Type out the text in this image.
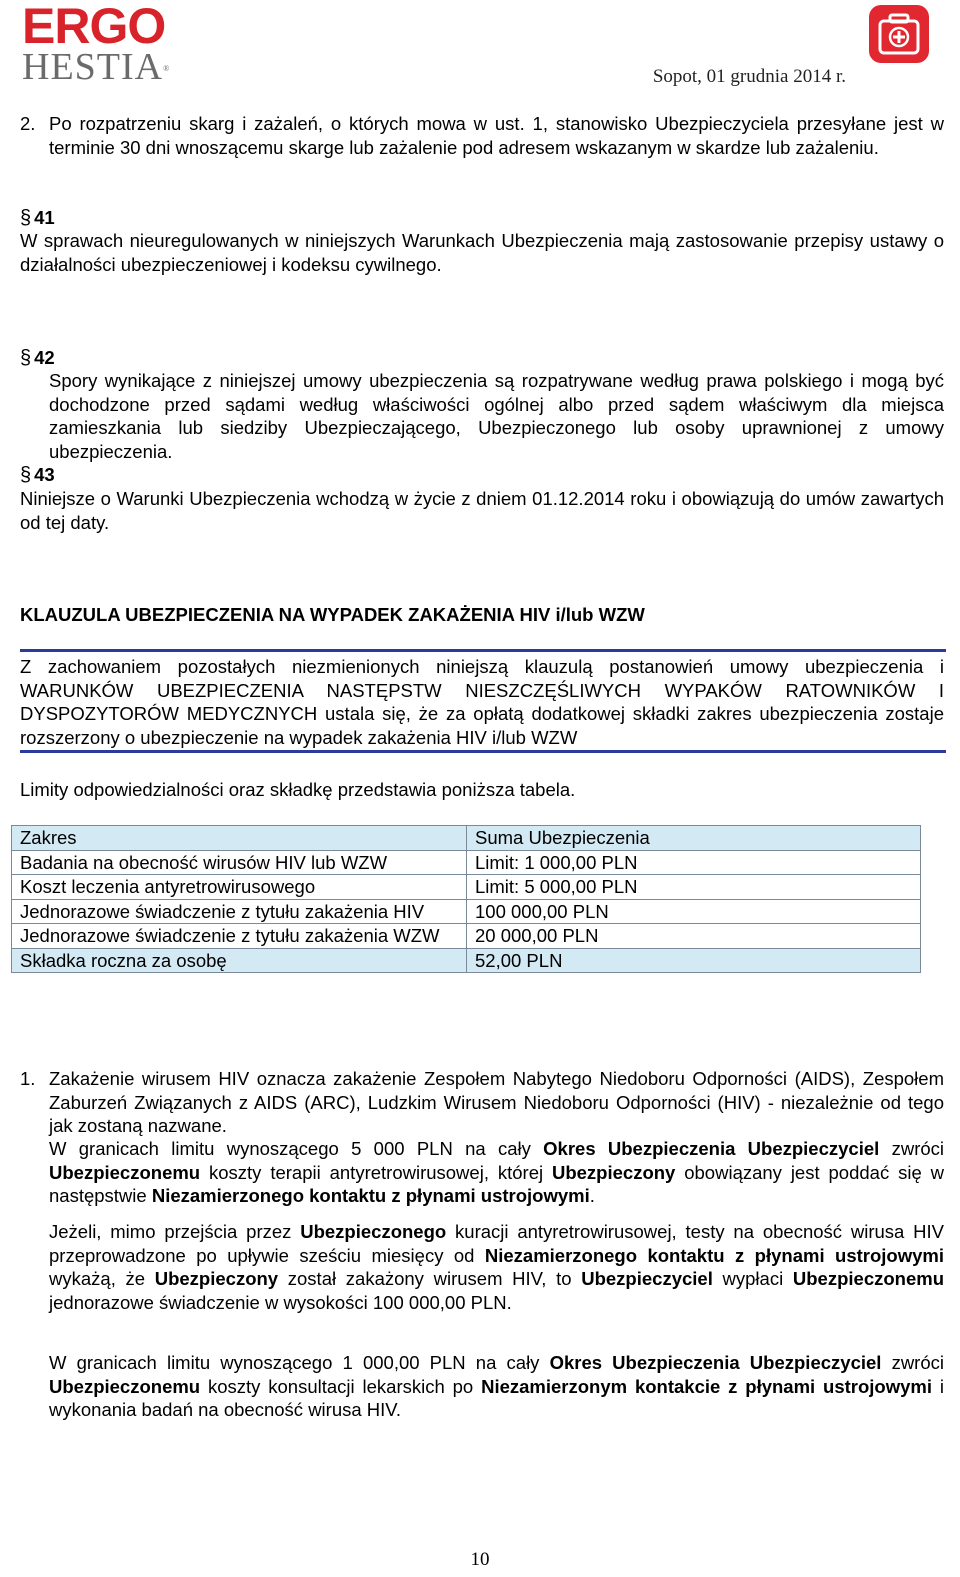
ERGO
HESTIA®	Sopot, 01 grudnia 2014 r.
2. Po rozpatrzeniu skarg i zażaleń, o których mowa w ust. 1, stanowisko Ubezpieczyciela przesyłane jest w terminie 30 dni wnoszącemu skarge lub zażalenie pod adresem wskazanym w skardze lub zażaleniu.
§ 41
W sprawach nieuregulowanych w niniejszych Warunkach Ubezpieczenia mają zastosowanie przepisy ustawy o działalności ubezpieczeniowej i kodeksu cywilnego.
§ 42
Spory wynikające z niniejszej umowy ubezpieczenia są rozpatrywane według prawa polskiego i mogą być dochodzone przed sądami według właściwości ogólnej albo przed sądem właściwym dla miejsca zamieszkania lub siedziby Ubezpieczającego, Ubezpieczonego lub osoby uprawnionej z umowy ubezpieczenia.
§ 43
Niniejsze o Warunki Ubezpieczenia wchodzą w życie z dniem 01.12.2014 roku i obowiązują do umów zawartych od tej daty.
KLAUZULA UBEZPIECZENIA NA WYPADEK ZAKAŻENIA HIV i/lub WZW
Z zachowaniem pozostałych niezmienionych niniejszą klauzulą postanowień umowy ubezpieczenia i WARUNKÓW UBEZPIECZENIA NASTĘPSTW NIESZCZĘŚLIWYCH WYPAKÓW RATOWNIKÓW I DYSPOZYTORÓW MEDYCZNYCH ustala się, że za opłatą dodatkowej składki zakres ubezpieczenia zostaje rozszerzony o ubezpieczenie na wypadek zakażenia HIV i/lub WZW
Limity odpowiedzialności oraz składkę przedstawia poniższa tabela.
Zakres	Suma Ubezpieczenia
Badania na obecność wirusów HIV lub WZW	Limit: 1 000,00 PLN
Koszt leczenia antyretrowirusowego	Limit: 5 000,00 PLN
Jednorazowe świadczenie z tytułu zakażenia HIV	100 000,00 PLN
Jednorazowe świadczenie z tytułu zakażenia WZW	20 000,00 PLN
Składka roczna za osobę	52,00 PLN
1. Zakażenie wirusem HIV oznacza zakażenie Zespołem Nabytego Niedoboru Odporności (AIDS), Zespołem Zaburzeń Związanych z AIDS (ARC), Ludzkim Wirusem Niedoboru Odporności (HIV) - niezależnie od tego jak zostaną nazwane.
W granicach limitu wynoszącego 5 000 PLN na cały Okres Ubezpieczenia Ubezpieczyciel zwróci Ubezpieczonemu koszty terapii antyretrowirusowej, której Ubezpieczony obowiązany jest poddać się w następstwie Niezamierzonego kontaktu z płynami ustrojowymi.
Jeżeli, mimo przejścia przez Ubezpieczonego kuracji antyretrowirusowej, testy na obecność wirusa HIV przeprowadzone po upływie sześciu miesięcy od Niezamierzonego kontaktu z płynami ustrojowymi wykażą, że Ubezpieczony został zakażony wirusem HIV, to Ubezpieczyciel wypłaci Ubezpieczonemu jednorazowe świadczenie w wysokości 100 000,00 PLN.
W granicach limitu wynoszącego 1 000,00 PLN na cały Okres Ubezpieczenia Ubezpieczyciel zwróci Ubezpieczonemu koszty konsultacji lekarskich po Niezamierzonym kontakcie z płynami ustrojowymi i wykonania badań na obecność wirusa HIV.
10
